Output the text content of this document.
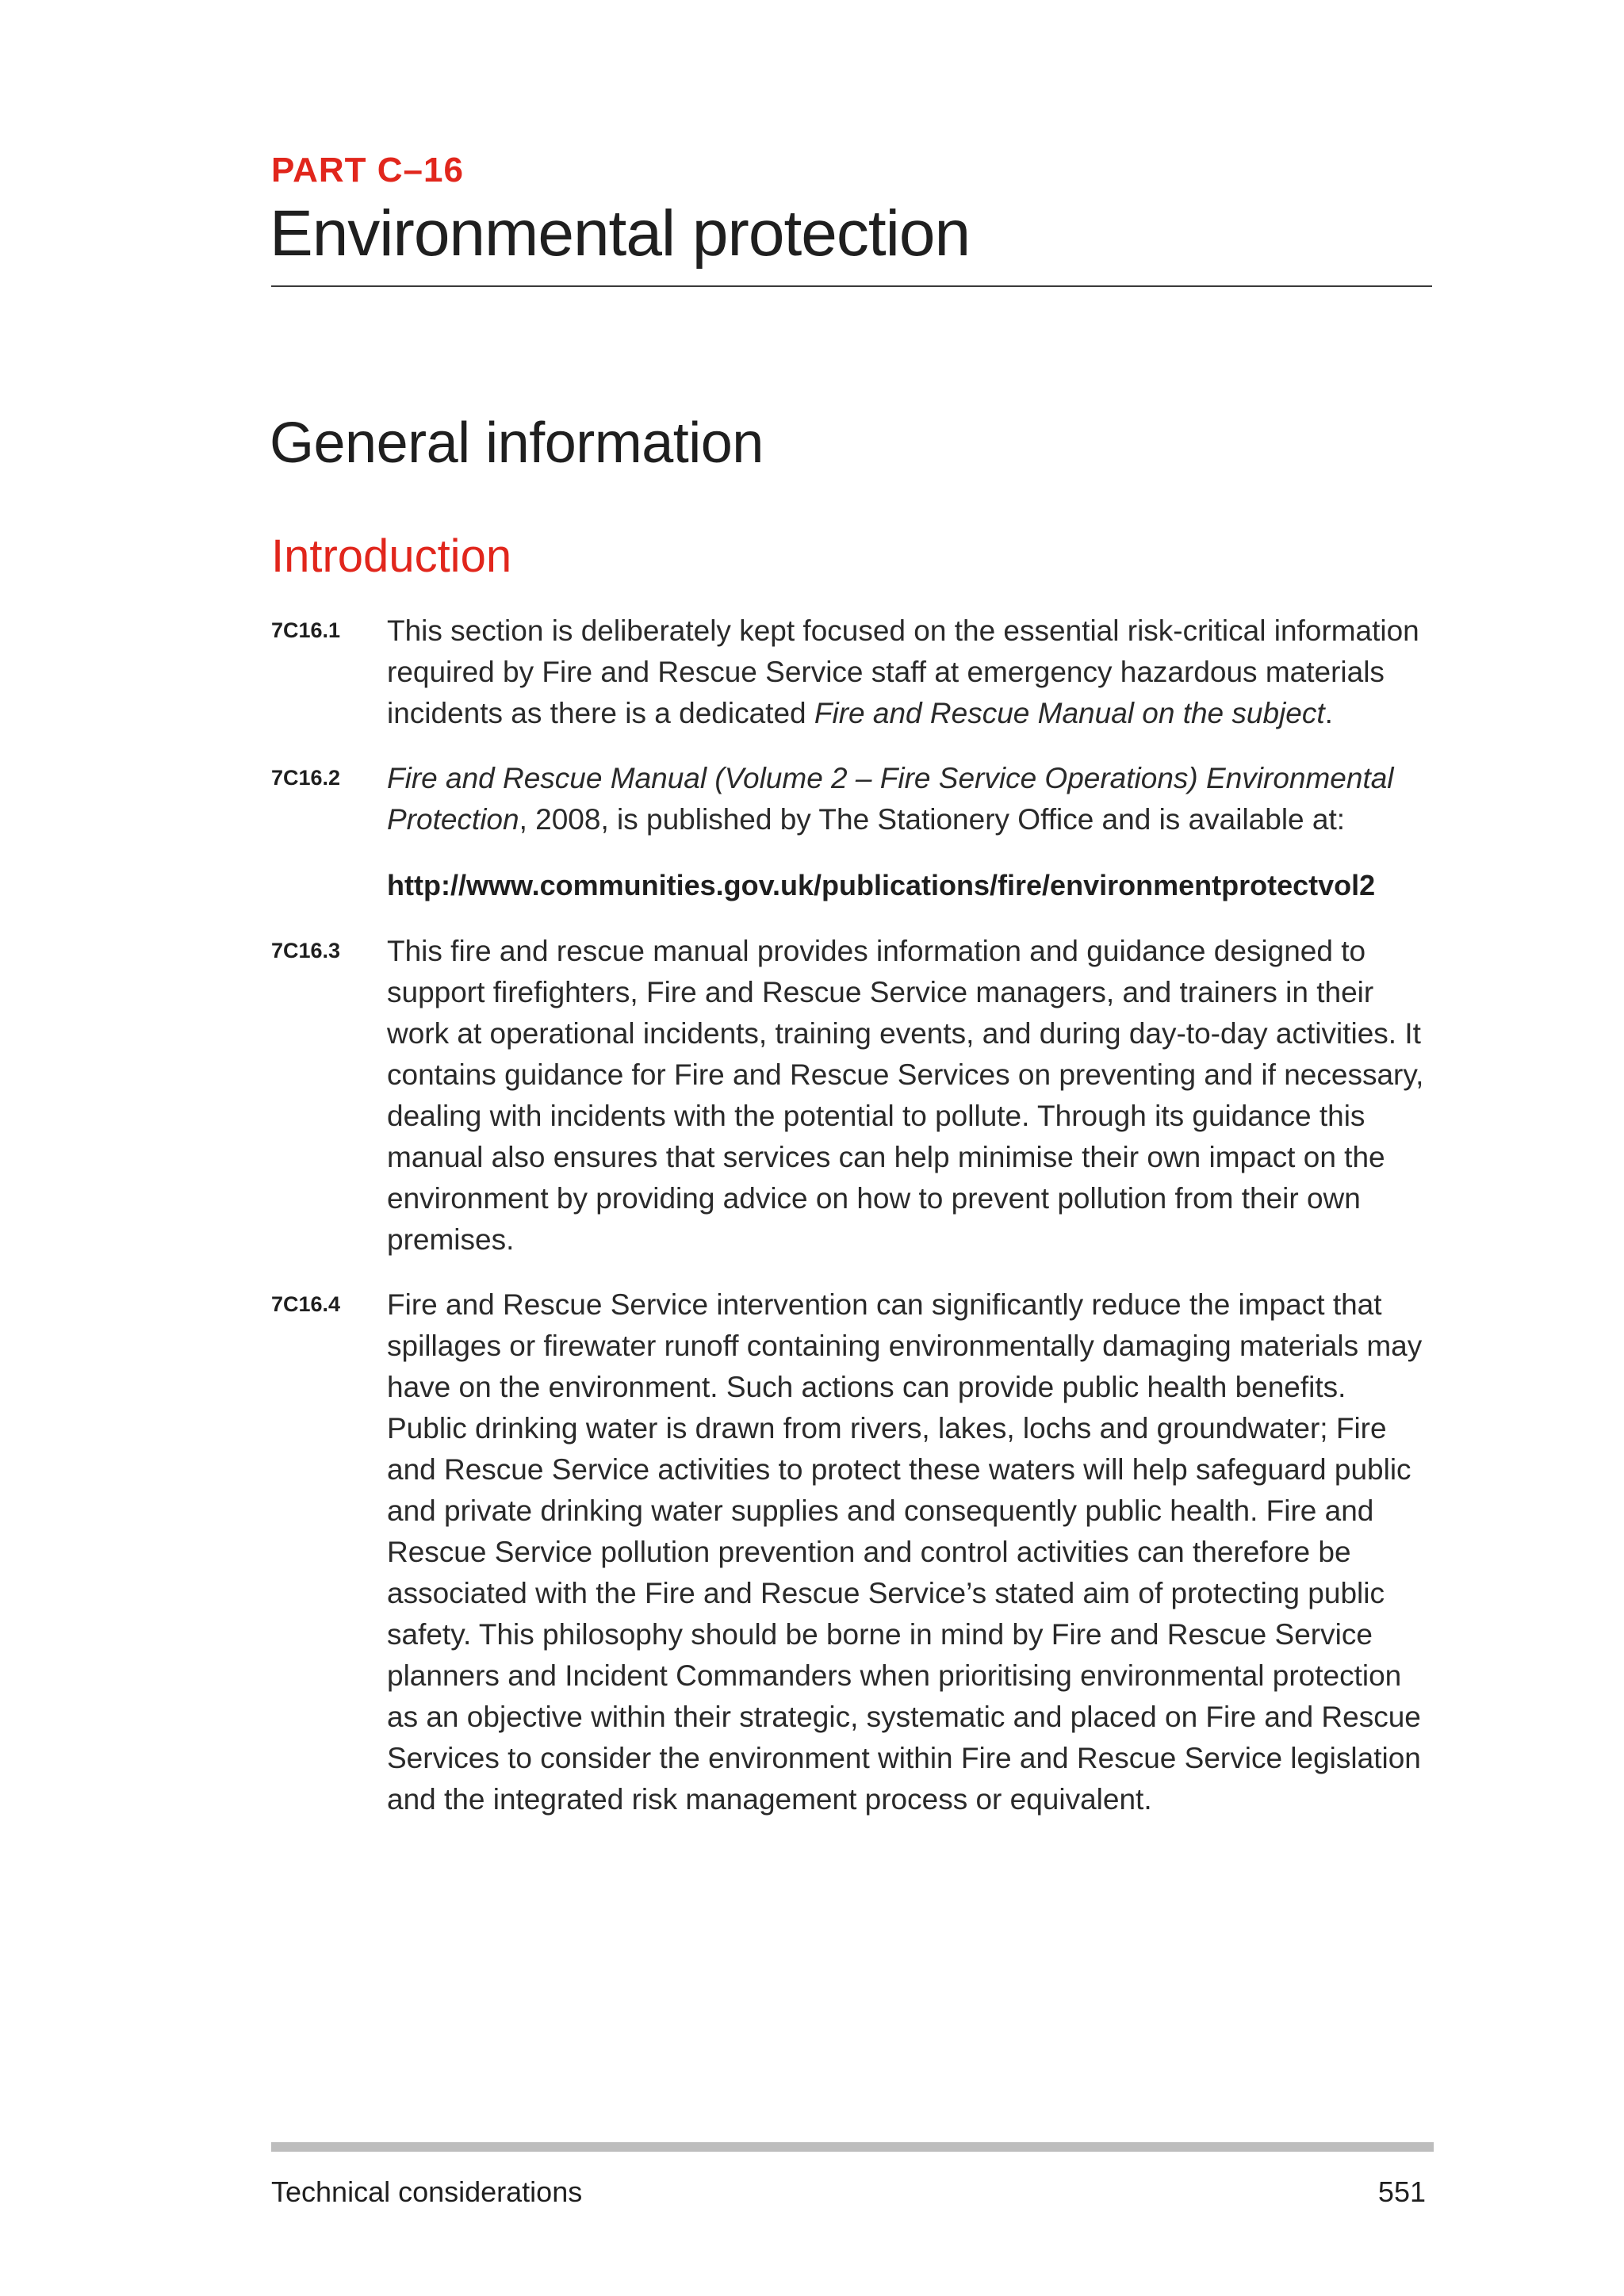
PART C–16
Environmental protection
General information
Introduction
7C16.1 This section is deliberately kept focused on the essential risk-critical information required by Fire and Rescue Service staff at emergency hazardous materials incidents as there is a dedicated Fire and Rescue Manual on the subject.

7C16.2 Fire and Rescue Manual (Volume 2 – Fire Service Operations) Environmental Protection, 2008, is published by The Stationery Office and is available at:

http://www.communities.gov.uk/publications/fire/environmentprotectvol2
7C16.3 This fire and rescue manual provides information and guidance designed to support firefighters, Fire and Rescue Service managers, and trainers in their work at operational incidents, training events, and during day-to-day activities. It contains guidance for Fire and Rescue Services on preventing and if necessary, dealing with incidents with the potential to pollute. Through its guidance this manual also ensures that services can help minimise their own impact on the environment by providing advice on how to prevent pollution from their own premises.

7C16.4 Fire and Rescue Service intervention can significantly reduce the impact that spillages or firewater runoff containing environmentally damaging materials may have on the environment. Such actions can provide public health benefits. Public drinking water is drawn from rivers, lakes, lochs and groundwater; Fire and Rescue Service activities to protect these waters will help safeguard public and private drinking water supplies and consequently public health. Fire and Rescue Service pollution prevention and control activities can therefore be associated with the Fire and Rescue Service’s stated aim of protecting public safety. This philosophy should be borne in mind by Fire and Rescue Service planners and Incident Commanders when prioritising environmental protection as an objective within their strategic, systematic and placed on Fire and Rescue Services to consider the environment within Fire and Rescue Service legislation and the integrated risk management process or equivalent.

Technical considerations	551
